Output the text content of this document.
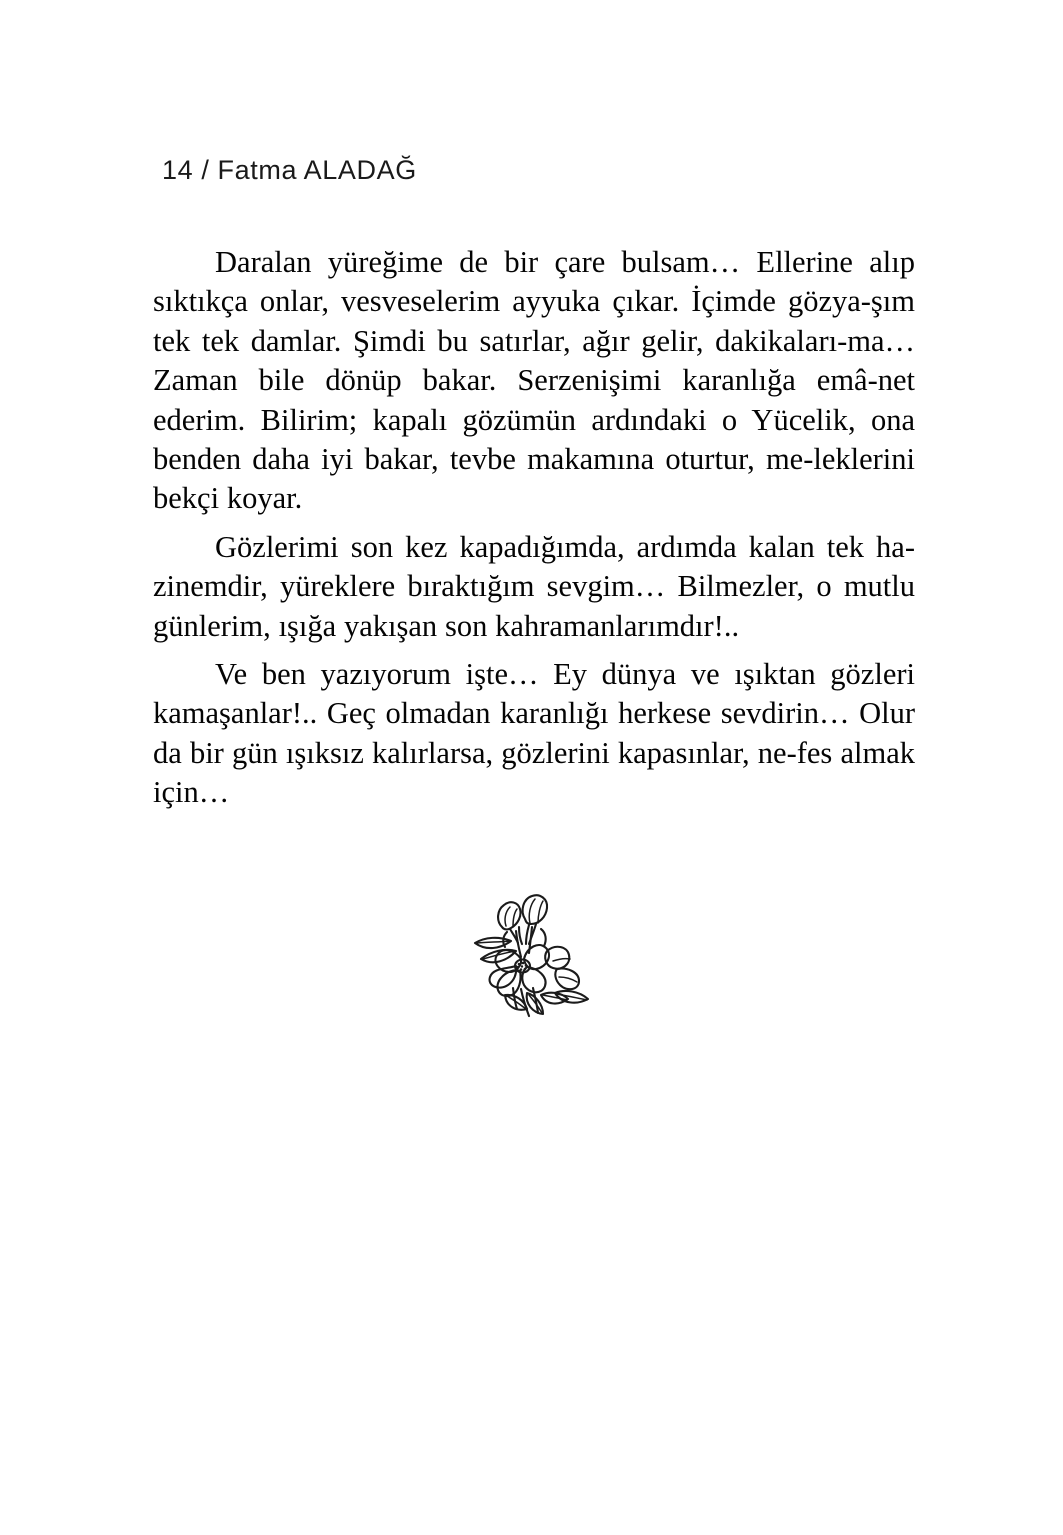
14 / Fatma ALADAĞ

Daralan yüreğime de bir çare bulsam… Ellerine alıp sıktıkça onlar, vesveselerim ayyuka çıkar. İçimde gözya-şım tek tek damlar. Şimdi bu satırlar, ağır gelir, dakikaları-ma… Zaman bile dönüp bakar. Serzenişimi karanlığa emâ-net ederim. Bilirim; kapalı gözümün ardındaki o Yücelik, ona benden daha iyi bakar, tevbe makamına oturtur, me-leklerini bekçi koyar.

Gözlerimi son kez kapadığımda, ardımda kalan tek ha-zinemdir, yüreklere bıraktığım sevgim… Bilmezler, o mutlu günlerim, ışığa yakışan son kahramanlarımdır!..

Ve ben yazıyorum işte… Ey dünya ve ışıktan gözleri kamaşanlar!.. Geç olmadan karanlığı herkese sevdirin… Olur da bir gün ışıksız kalırlarsa, gözlerini kapasınlar, ne-fes almak için…
